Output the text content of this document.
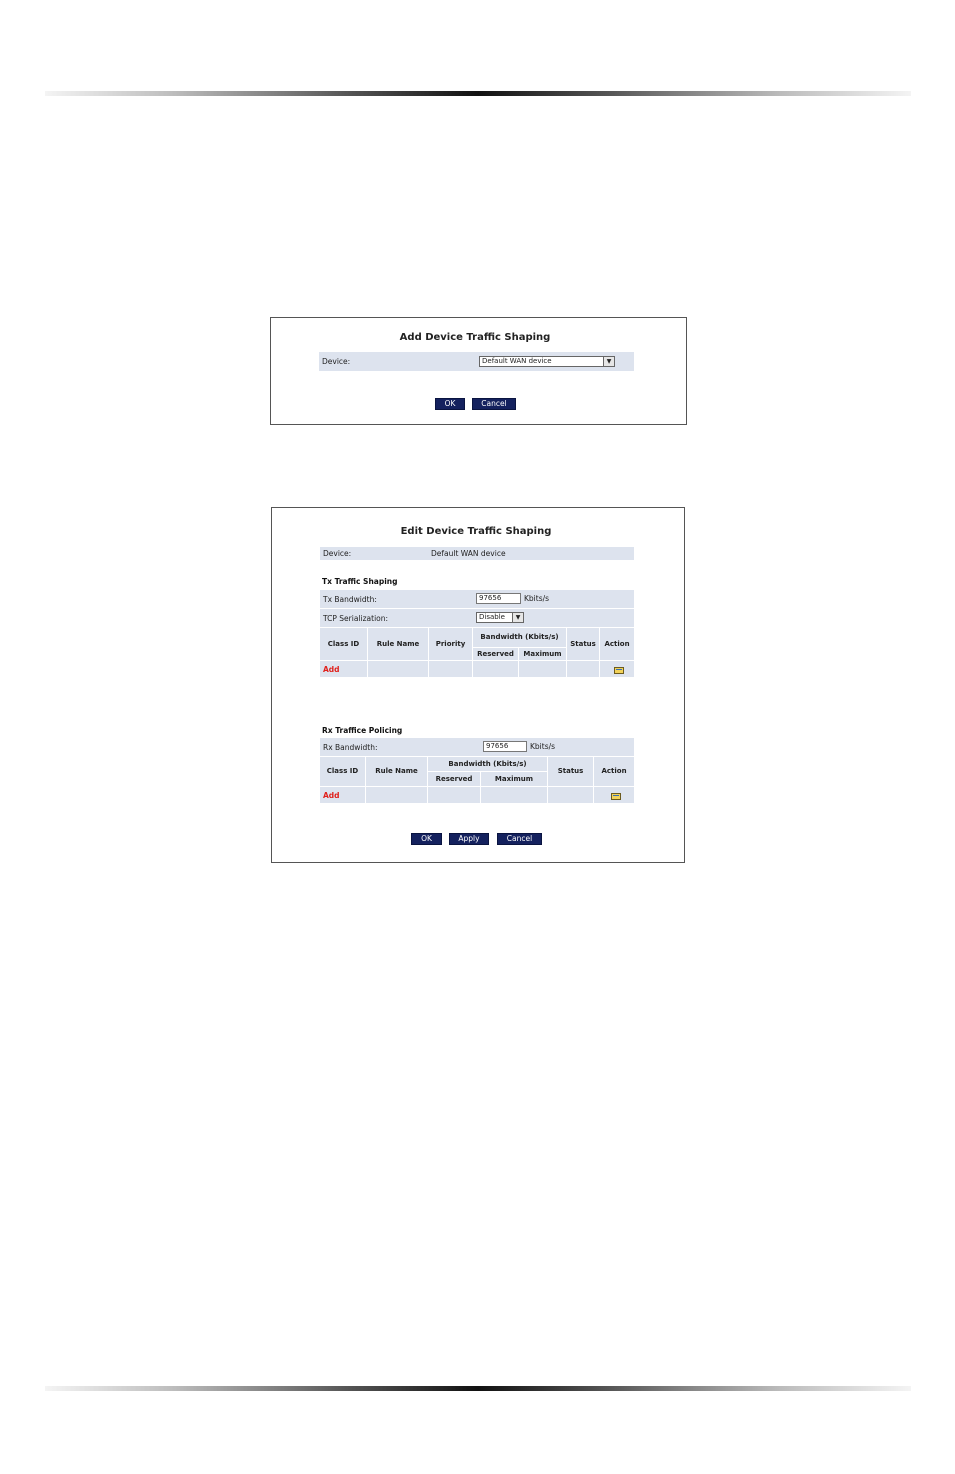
Add Device Traffic Shaping
Device:	Default WAN device	▼
OK	Cancel
Edit Device Traffic Shaping
Device:	Default WAN device
Tx Traffic Shaping
Tx Bandwidth:	97656	Kbits/s
TCP Serialization:	Disable	▼
Class ID	Rule Name	Priority	Bandwidth (Kbits/s)		Status	Action
			Reserved	Maximum		
Add						
Rx Traffice Policing
Rx Bandwidth:	97656	Kbits/s
Class ID	Rule Name	Bandwidth (Kbits/s)		Status	Action
		Reserved	Maximum		
Add					
OK	Apply	Cancel
